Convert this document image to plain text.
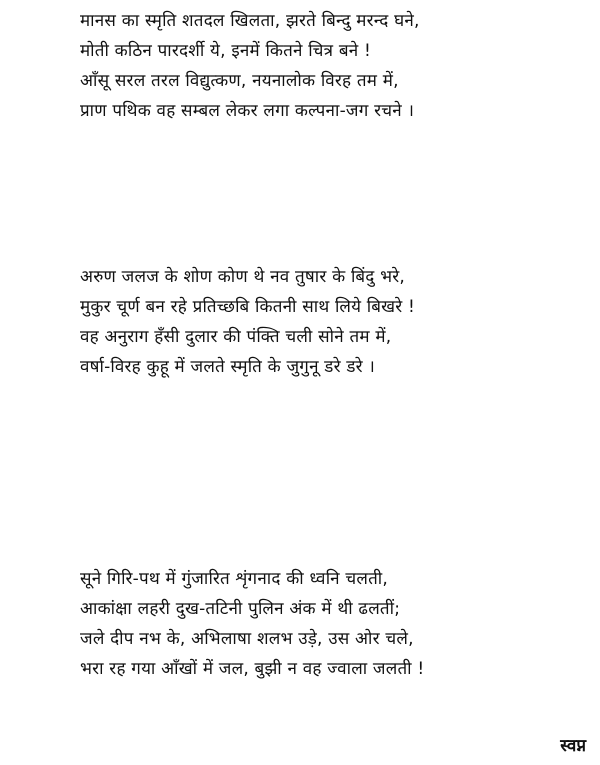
मानस का स्मृति शतदल खिलता, झरते बिन्दु मरन्द घने,
मोती कठिन पारदर्शी ये, इनमें कितने चित्र बने !
आँसू सरल तरल विद्युत्कण, नयनालोक विरह तम में,
प्राण पथिक वह सम्बल लेकर लगा कल्पना-जग रचने ।
अरुण जलज के शोण कोण थे नव तुषार के बिंदु भरे,
मुकुर चूर्ण बन रहे प्रतिच्छबि कितनी साथ लिये बिखरे !
वह अनुराग हँसी दुलार की पंक्ति चली सोने तम में,
वर्षा-विरह कुहू में जलते स्मृति के जुगुनू डरे डरे ।
सूने गिरि-पथ में गुंजारित शृंगनाद की ध्वनि चलती,
आकांक्षा लहरी दुख-तटिनी पुलिन अंक में थी ढलतीं;
जले दीप नभ के, अभिलाषा शलभ उड़े, उस ओर चले,
भरा रह गया आँखों में जल, बुझी न वह ज्वाला जलती !
स्वप्न
